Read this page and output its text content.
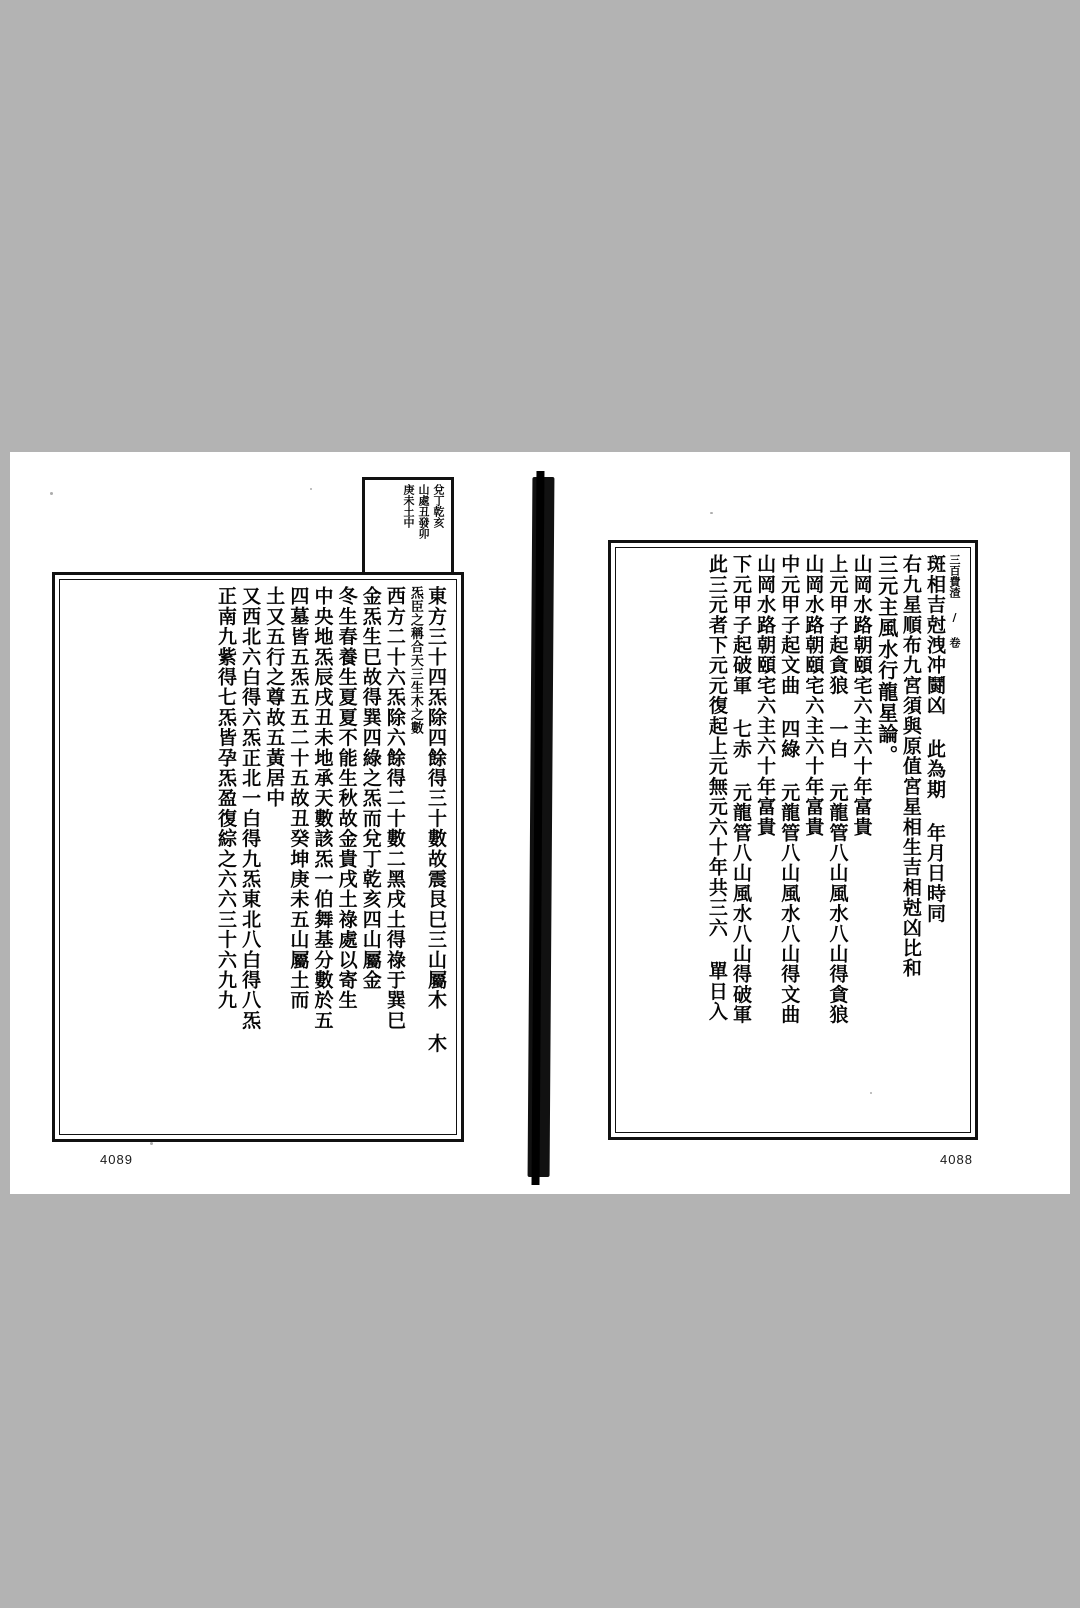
三百費渣 ∕ 卷
斑相吉尅洩冲鬪凶 此為期 年月日時同
右九星順布九宮須與原值宮星相生吉相尅凶比和
三元主風水行龍星論。
山岡水路朝頤宅六主六十年富貴
上元甲子起貪狼 一白 元龍管八山風水八山得貪狼
山岡水路朝頤宅六主六十年富貴
中元甲子起文曲 四綠 元龍管八山風水八山得文曲
山岡水路朝頤宅六主六十年富貴
下元甲子起破軍 七赤 元龍管八山風水八山得破軍
此三元者下元元復起上元無元六十年共三六 單日入
兌丁乾亥
山處丑發卯
庚未土中
東方三十四炁除四餘得三十數故震艮巳三山屬木 木
炁臣之稱合天三生木之數
西方二十六炁除六餘得二十數二黑戌土得祿于巽巳
金炁生巳故得巽四綠之炁而兌丁乾亥四山屬金
冬生春養生夏夏不能生秋故金貴戌土祿處以寄生
中央地炁辰戌丑未地承天數該炁一伯舞基分數於五
四墓皆五炁五五二十五故丑癸坤庚未五山屬土而
土又五行之尊故五黃居中
又西北六白得六炁正北一白得九炁東北八白得八炁
正南九紫得七炁皆孕炁盈復綜之六六三十六九九
4089	4088
